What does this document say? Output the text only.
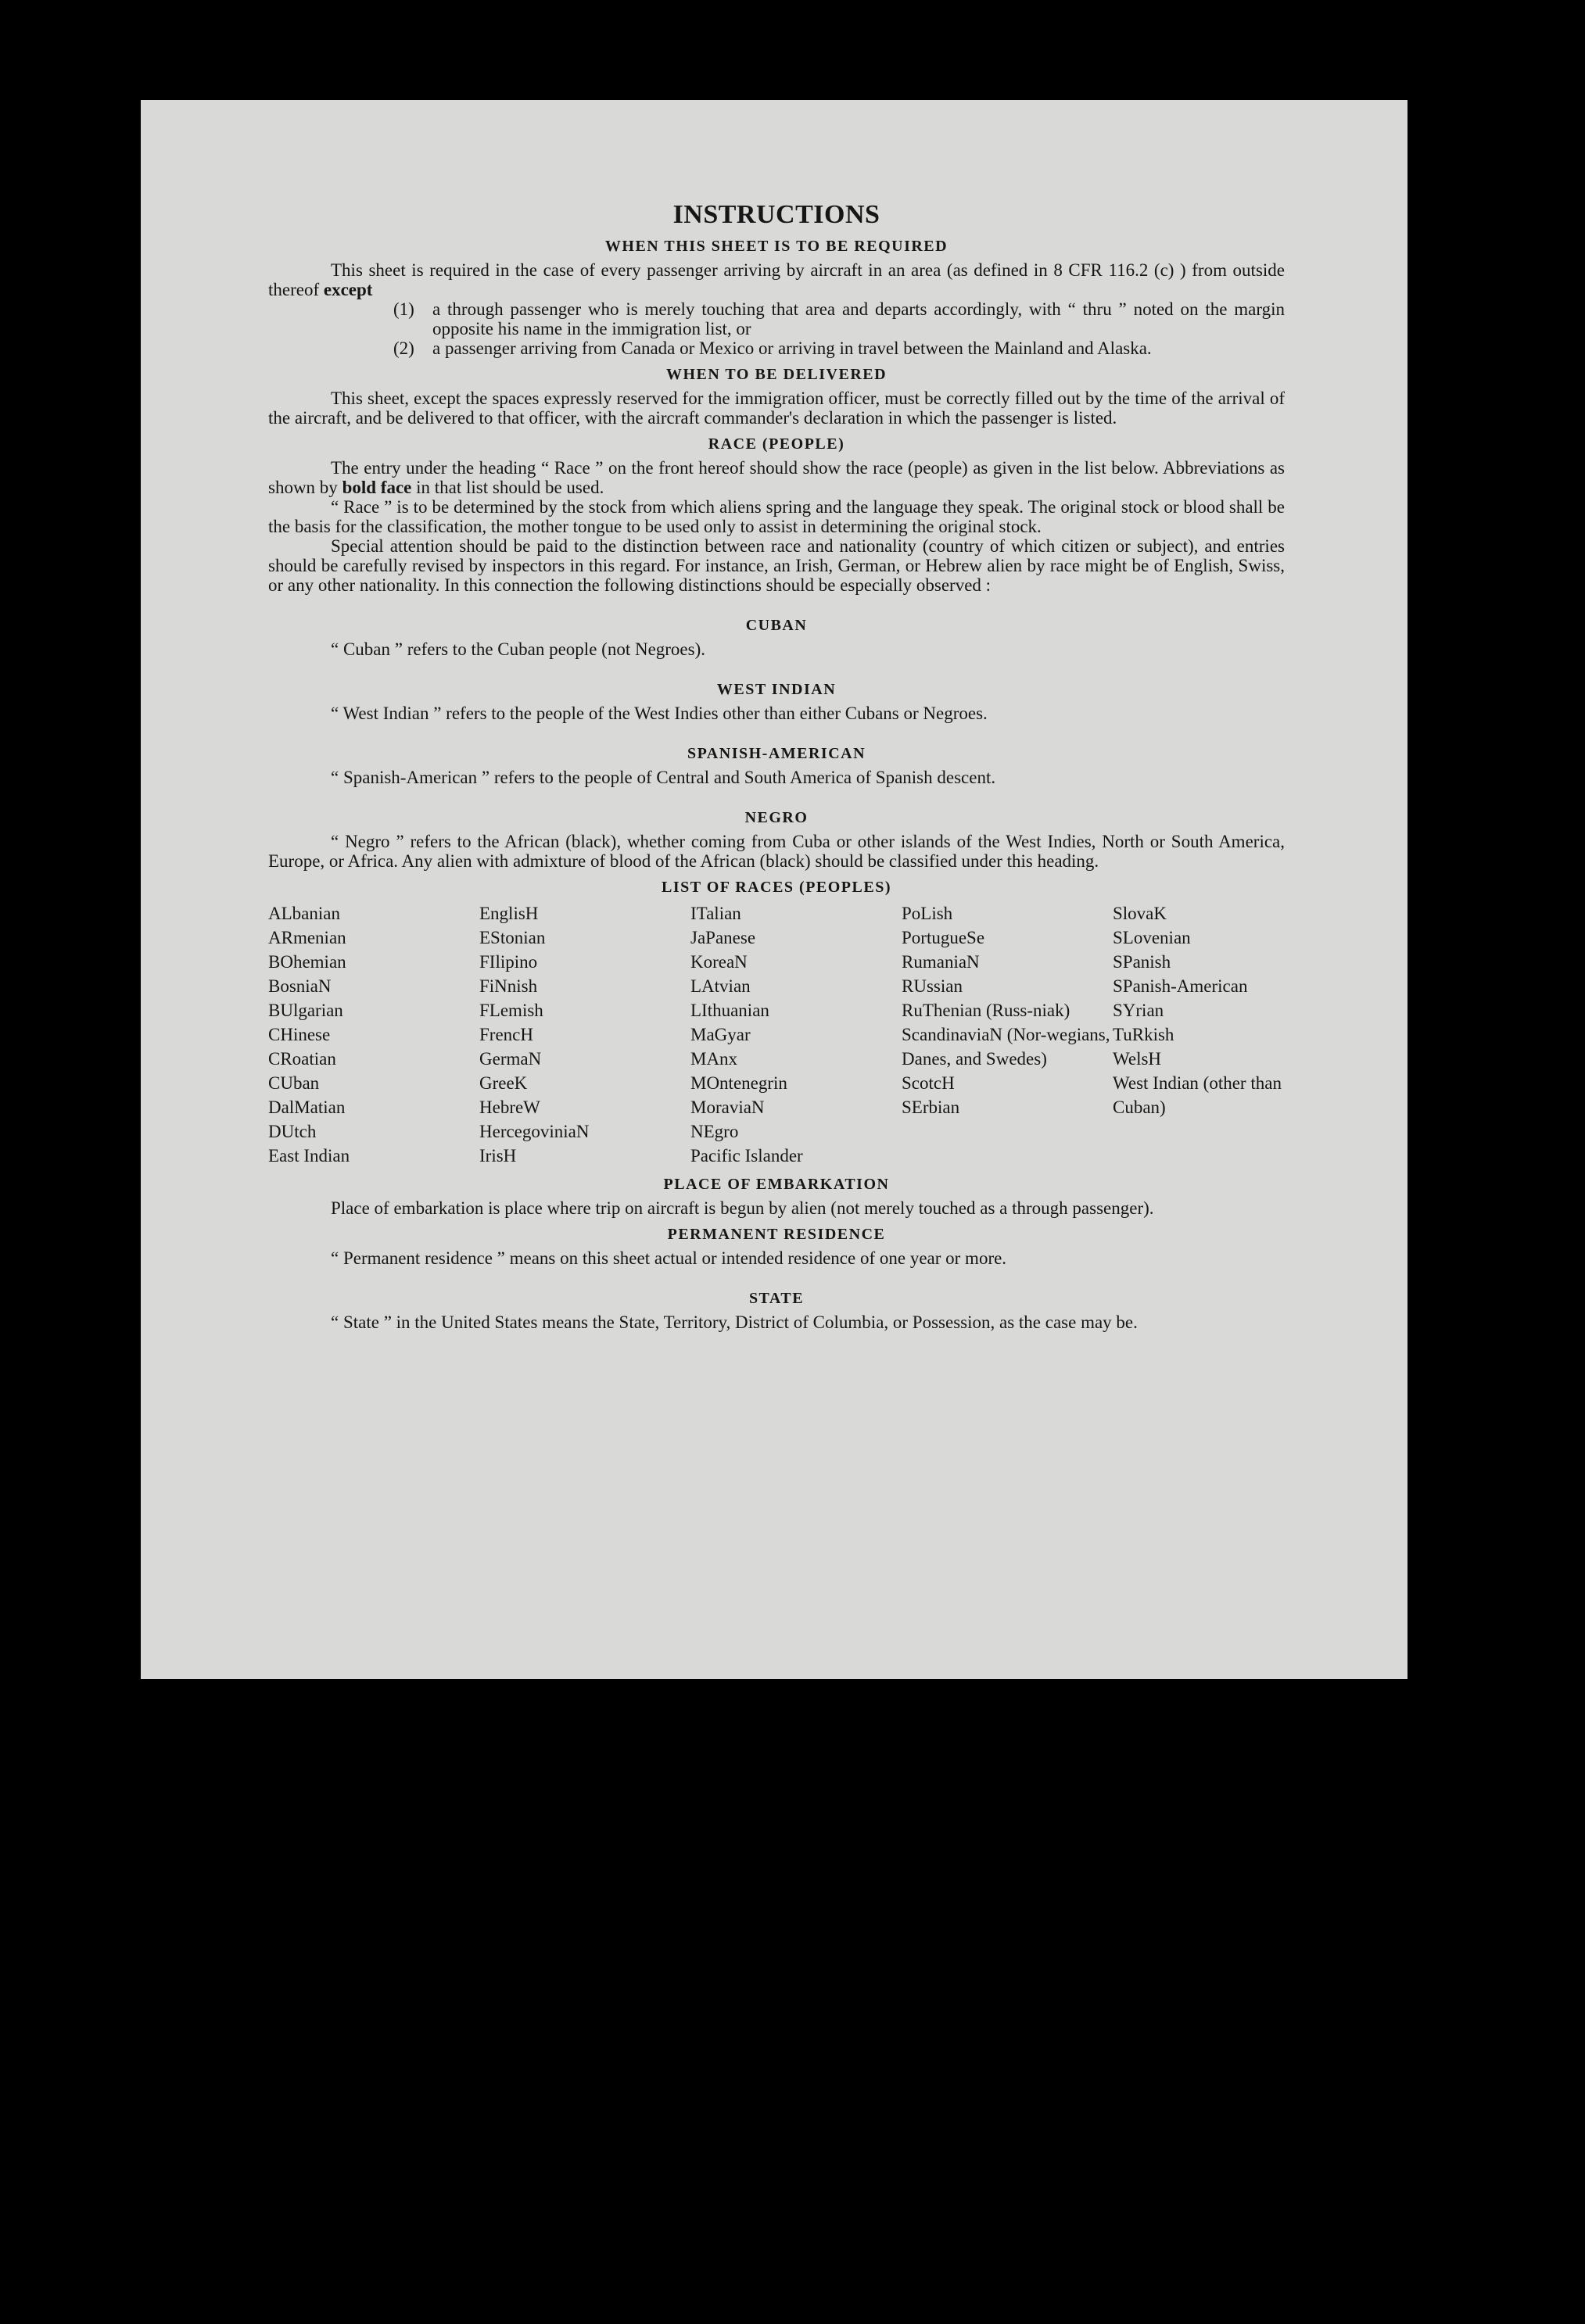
INSTRUCTIONS
WHEN THIS SHEET IS TO BE REQUIRED

This sheet is required in the case of every passenger arriving by aircraft in an area (as defined in 8 CFR 116.2 (c) ) from outside thereof except

(1)	a through passenger who is merely touching that area and departs accordingly, with “ thru ” noted on the margin opposite his name in the immigration list, or
(2)	a passenger arriving from Canada or Mexico or arriving in travel between the Mainland and Alaska.
WHEN TO BE DELIVERED

This sheet, except the spaces expressly reserved for the immigration officer, must be correctly filled out by the time of the arrival of the aircraft, and be delivered to that officer, with the aircraft commander's declaration in which the passenger is listed.

RACE (PEOPLE)

The entry under the heading “ Race ” on the front hereof should show the race (people) as given in the list below. Abbreviations as shown by bold face in that list should be used.

“ Race ” is to be determined by the stock from which aliens spring and the language they speak. The original stock or blood shall be the basis for the classification, the mother tongue to be used only to assist in determining the original stock.

Special attention should be paid to the distinction between race and nationality (country of which citizen or subject), and entries should be carefully revised by inspectors in this regard. For instance, an Irish, German, or Hebrew alien by race might be of English, Swiss, or any other nationality. In this connection the following distinctions should be especially observed :

CUBAN

“ Cuban ” refers to the Cuban people (not Negroes).

WEST INDIAN

“ West Indian ” refers to the people of the West Indies other than either Cubans or Negroes.

SPANISH-AMERICAN

“ Spanish-American ” refers to the people of Central and South America of Spanish descent.

NEGRO

“ Negro ” refers to the African (black), whether coming from Cuba or other islands of the West Indies, North or South America, Europe, or Africa. Any alien with admixture of blood of the African (black) should be classified under this heading.

LIST OF RACES (PEOPLES)
ALbanian
ARmenian
BOhemian
BosniaN
BUlgarian
CHinese
CRoatian
CUban
DalMatian
DUtch
East Indian
EnglisH
EStonian
FIlipino
FiNnish
FLemish
FrencH
GermaN
GreeK
HebreW
HercegoviniaN
IrisH
ITalian
JaPanese
KoreaN
LAtvian
LIthuanian
MaGyar
MAnx
MOntenegrin
MoraviaN
NEgro
Pacific Islander
PoLish
PortugueSe
RumaniaN
RUssian
RuThenian (Russ-niak)
ScandinaviaN (Nor-wegians, Danes, and Swedes)
ScotcH
SErbian
SlovaK
SLovenian
SPanish
SPanish-American
SYrian
TuRkish
WelsH
West Indian (other than Cuban)
PLACE OF EMBARKATION

Place of embarkation is place where trip on aircraft is begun by alien (not merely touched as a through passenger).

PERMANENT RESIDENCE

“ Permanent residence ” means on this sheet actual or intended residence of one year or more.

STATE

“ State ” in the United States means the State, Territory, District of Columbia, or Possession, as the case may be.
